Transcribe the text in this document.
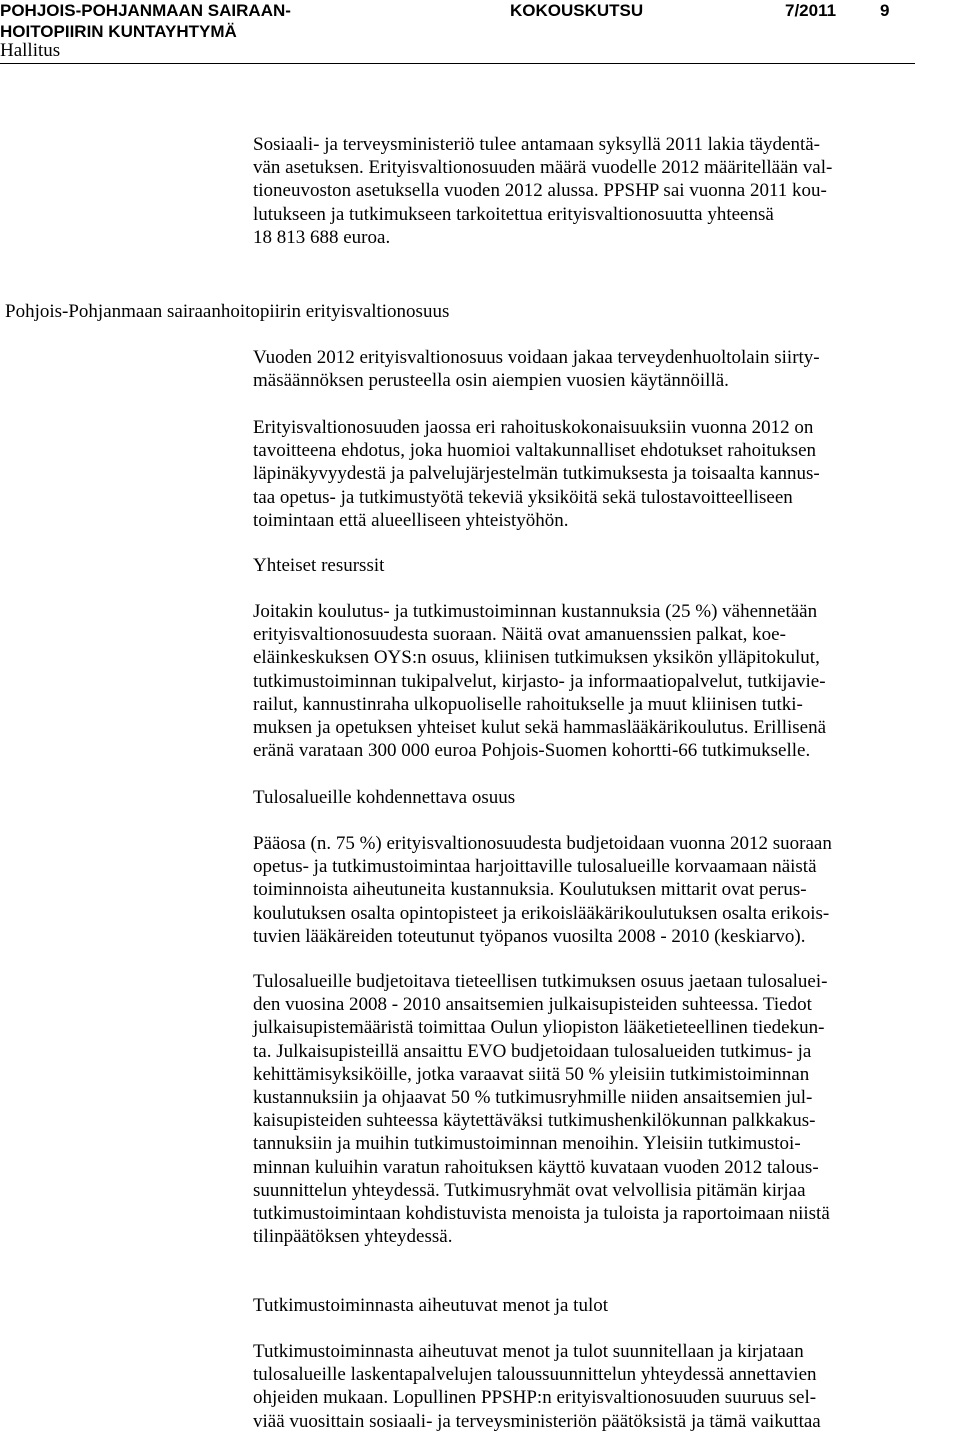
POHJOIS-POHJANMAAN SAIRAAN-
HOITOPIIRIN KUNTAYHTYMÄ
KOKOUSKUTSU	7/2011	9
Hallitus
Sosiaali- ja terveysministeriö tulee antamaan syksyllä 2011 lakia täydentä-
vän asetuksen. Erityisvaltionosuuden määrä vuodelle 2012 määritellään val-
tioneuvoston asetuksella vuoden 2012 alussa. PPSHP sai vuonna 2011 kou-
lutukseen ja tutkimukseen tarkoitettua erityisvaltionosuutta yhteensä
18 813 688 euroa.
Pohjois-Pohjanmaan sairaanhoitopiirin erityisvaltionosuus
Vuoden 2012 erityisvaltionosuus voidaan jakaa terveydenhuoltolain siirty-
mäsäännöksen perusteella osin aiempien vuosien käytännöillä.
Erityisvaltionosuuden jaossa eri rahoituskokonaisuuksiin vuonna 2012 on
tavoitteena ehdotus, joka huomioi valtakunnalliset ehdotukset rahoituksen
läpinäkyvyydestä ja palvelujärjestelmän tutkimuksesta ja toisaalta kannus-
taa opetus- ja tutkimustyötä tekeviä yksiköitä sekä tulostavoitteelliseen
toimintaan että alueelliseen yhteistyöhön.
Yhteiset resurssit
Joitakin koulutus- ja tutkimustoiminnan kustannuksia (25 %) vähennetään
erityisvaltionosuudesta suoraan. Näitä ovat amanuenssien palkat, koe-
eläinkeskuksen OYS:n osuus, kliinisen tutkimuksen yksikön ylläpitokulut,
tutkimustoiminnan tukipalvelut, kirjasto- ja informaatiopalvelut, tutkijavie-
railut, kannustinraha ulkopuoliselle rahoitukselle ja muut kliinisen tutki-
muksen ja opetuksen yhteiset kulut sekä hammaslääkärikoulutus. Erillisenä
eränä varataan 300 000 euroa Pohjois-Suomen kohortti-66 tutkimukselle.
Tulosalueille kohdennettava osuus
Pääosa (n. 75 %) erityisvaltionosuudesta budjetoidaan vuonna 2012 suoraan
opetus- ja tutkimustoimintaa harjoittaville tulosalueille korvaamaan näistä
toiminnoista aiheutuneita kustannuksia. Koulutuksen mittarit ovat perus-
koulutuksen osalta opintopisteet ja erikoislääkärikoulutuksen osalta erikois-
tuvien lääkäreiden toteutunut työpanos vuosilta 2008 - 2010 (keskiarvo).
Tulosalueille budjetoitava tieteellisen tutkimuksen osuus jaetaan tulosaluei-
den vuosina 2008 - 2010 ansaitsemien julkaisupisteiden suhteessa. Tiedot
julkaisupistemääristä toimittaa Oulun yliopiston lääketieteellinen tiedekun-
ta. Julkaisupisteillä ansaittu EVO budjetoidaan tulosalueiden tutkimus- ja
kehittämisyksiköille, jotka varaavat siitä 50 % yleisiin tutkimistoiminnan
kustannuksiin ja ohjaavat 50 % tutkimusryhmille niiden ansaitsemien jul-
kaisupisteiden suhteessa käytettäväksi tutkimushenkilökunnan palkkakus-
tannuksiin ja muihin tutkimustoiminnan menoihin. Yleisiin tutkimustoi-
minnan kuluihin varatun rahoituksen käyttö kuvataan vuoden 2012 talous-
suunnittelun yhteydessä. Tutkimusryhmät ovat velvollisia pitämän kirjaa
tutkimustoimintaan kohdistuvista menoista ja tuloista ja raportoimaan niistä
tilinpäätöksen yhteydessä.
Tutkimustoiminnasta aiheutuvat menot ja tulot
Tutkimustoiminnasta aiheutuvat menot ja tulot suunnitellaan ja kirjataan
tulosalueille laskentapalvelujen taloussuunnittelun yhteydessä annettavien
ohjeiden mukaan. Lopullinen PPSHP:n erityisvaltionosuuden suuruus sel-
viää vuosittain sosiaali- ja terveysministeriön päätöksistä ja tämä vaikuttaa
